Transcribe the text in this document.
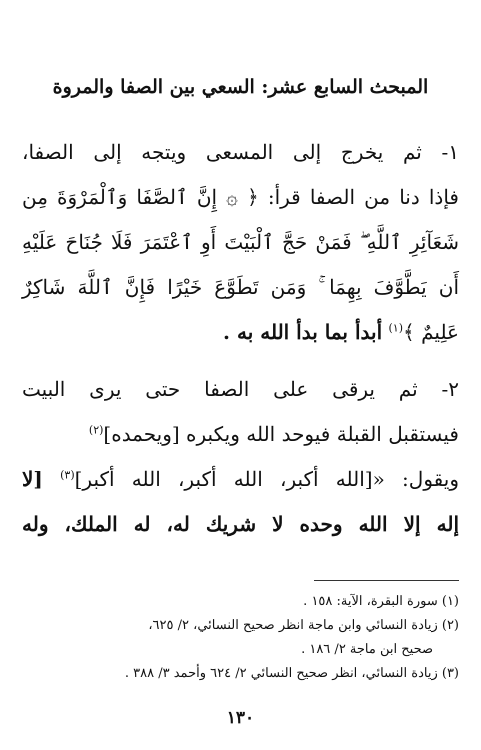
المبحث السابع عشر: السعي بين الصفا والمروة
١- ثم يخرج إلى المسعى ويتجه إلى الصفا،
فإذا دنا من الصفا قرأ: ﴿ ۞ إِنَّ ٱلصَّفَا وَٱلْمَرْوَةَ مِن
شَعَآئِرِ ٱللَّهِ ۖ فَمَنْ حَجَّ ٱلْبَيْتَ أَوِ ٱعْتَمَرَ فَلَا جُنَاحَ عَلَيْهِ
أَن يَطَّوَّفَ بِهِمَا ۚ وَمَن تَطَوَّعَ خَيْرًا فَإِنَّ ٱللَّهَ شَاكِرٌ
عَلِيمٌ ﴾$^{(١)}$ أبدأ بما بدأ الله به .
٢- ثم يرقى على الصفا حتى يرى البيت
فيستقبل القبلة فيوحد الله ويكبره [ويحمده]$^{(٢)}$
ويقول: «[الله أكبر، الله أكبر، الله أكبر]$^{(٣)}$ [لا
إله إلا الله وحده لا شريك له، له الملك، وله
(١) سورة البقرة، الآية: ١٥٨ .
(٢) زيادة النسائي وابن ماجة انظر صحيح النسائي، ٢/ ٦٢٥،
صحيح ابن ماجة ٢/ ١٨٦ .
(٣) زيادة النسائي، انظر صحيح النسائي ٢/ ٦٢٤ وأحمد ٣/ ٣٨٨ .
١٣٠
